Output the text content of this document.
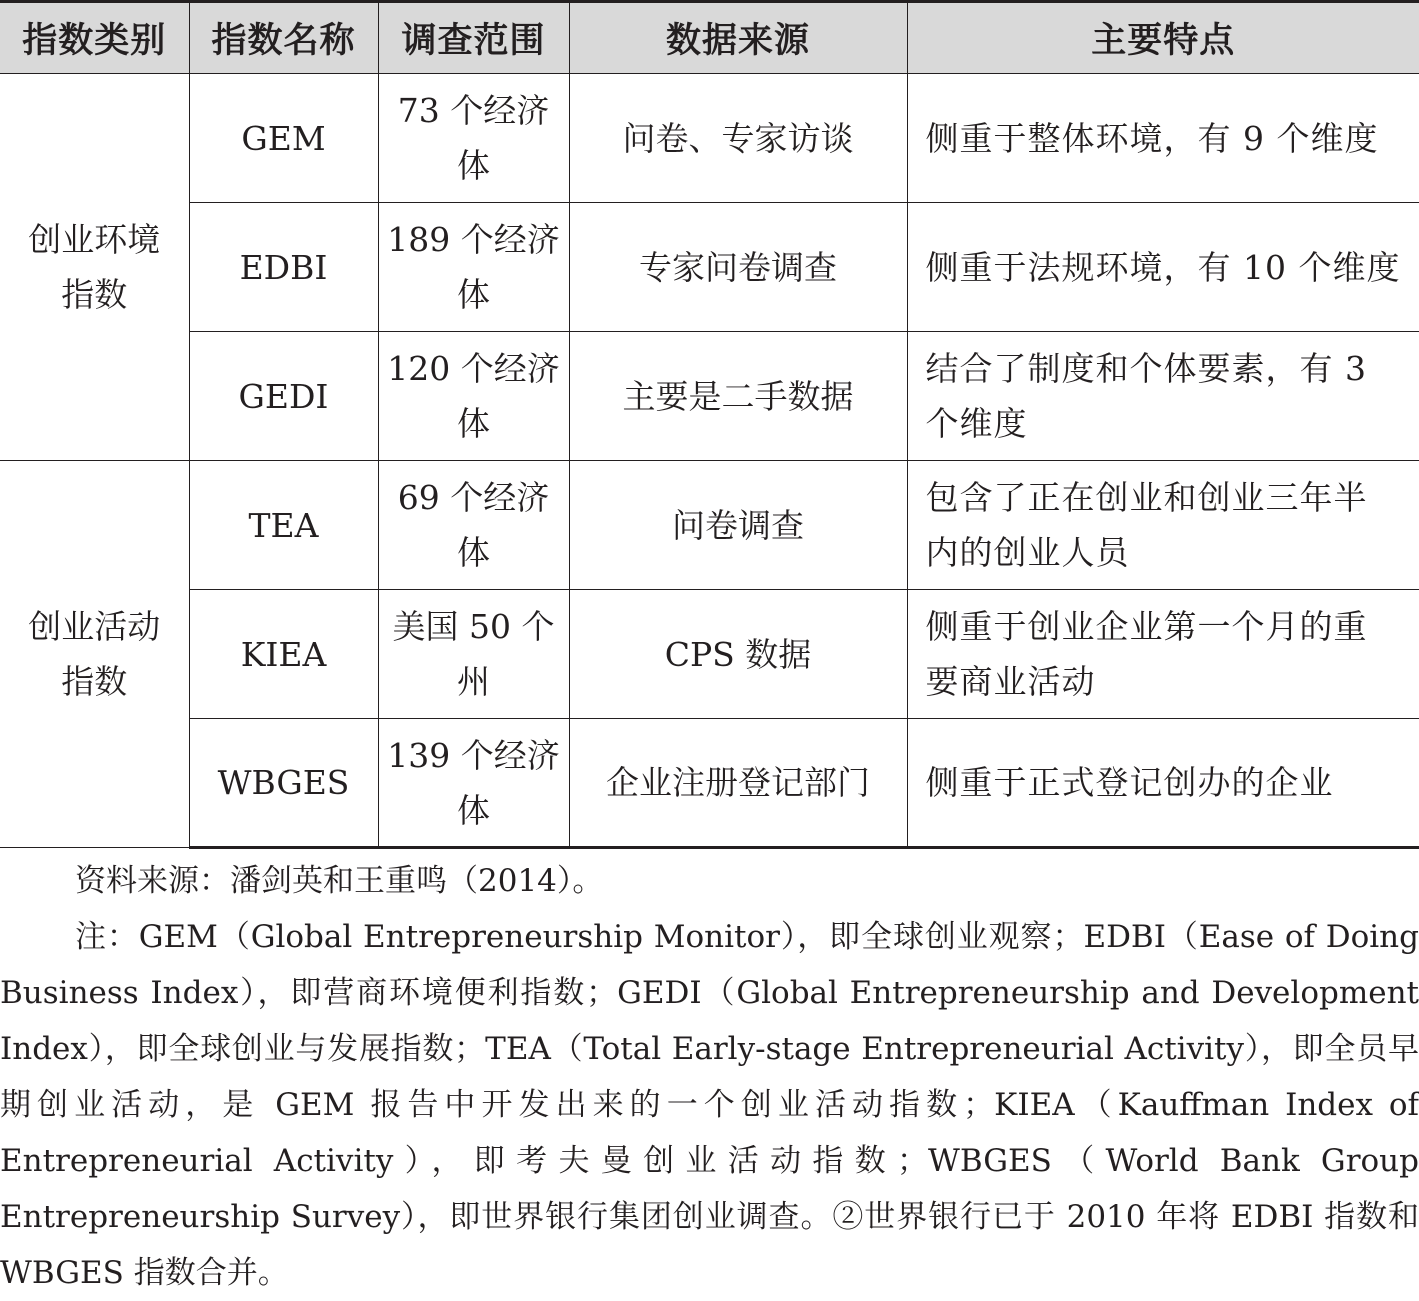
指数类别	指数名称	调查范围	数据来源	主要特点
创业环境指数	GEM	73 个经济体	问卷、专家访谈	侧重于整体环境，有 9 个维度
	EDBI	189 个经济体	专家问卷调查	侧重于法规环境，有 10 个维度
	GEDI	120 个经济体	主要是二手数据	结合了制度和个体要素，有 3 个维度
创业活动指数	TEA	69 个经济体	问卷调查	包含了正在创业和创业三年半内的创业人员
	KIEA	美国 50 个州	CPS 数据	侧重于创业企业第一个月的重要商业活动
	WBGES	139 个经济体	企业注册登记部门	侧重于正式登记创办的企业

资料来源：潘剑英和王重鸣（2014）。

注：GEM（Global Entrepreneurship Monitor），即全球创业观察；EDBI（Ease of Doing Business Index），即营商环境便利指数；GEDI（Global Entrepreneurship and Development Index），即全球创业与发展指数；TEA（Total Early-stage Entrepreneurial Activity），即全员早期创业活动，是 GEM 报告中开发出来的一个创业活动指数；KIEA（Kauffman Index of Entrepreneurial Activity），即考夫曼创业活动指数；WBGES（World Bank Group Entrepreneurship Survey），即世界银行集团创业调查。②世界银行已于 2010 年将 EDBI 指数和 WBGES 指数合并。
